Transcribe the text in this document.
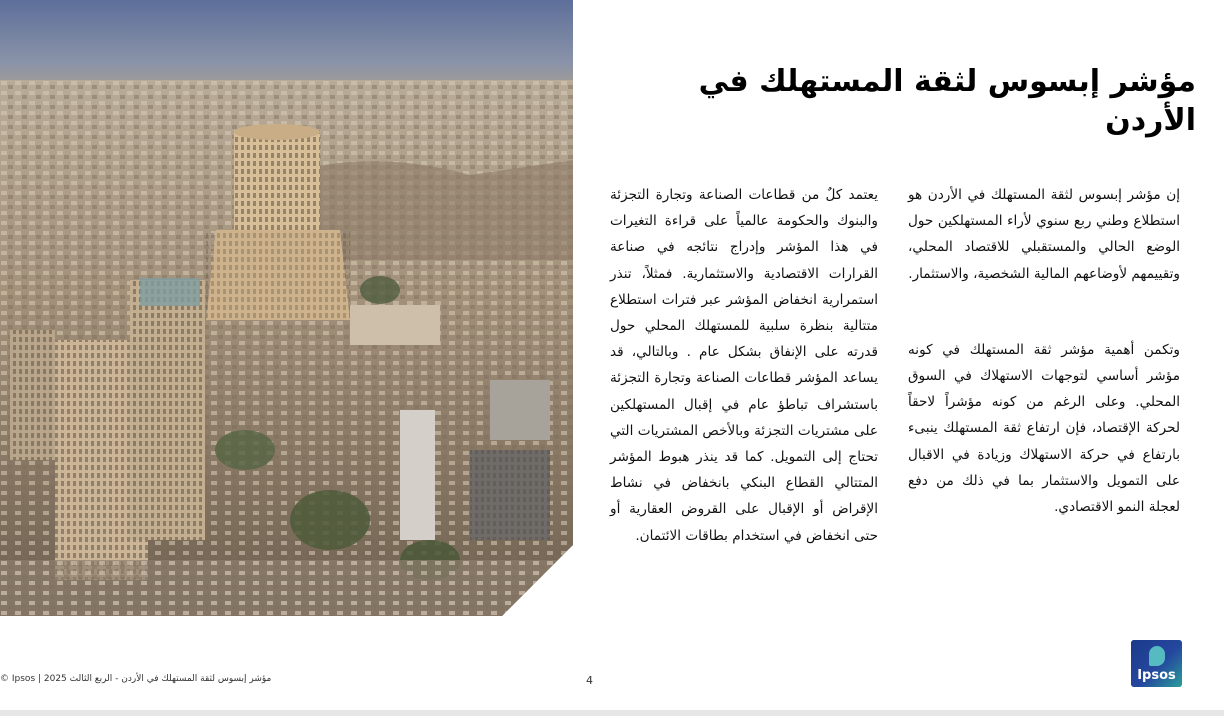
مؤشر إبسوس لثقة المستهلك في الأردن

إن مؤشر إبسوس لثقة المستهلك في الأردن هو استطلاع وطني ربع سنوي لأراء المستهلكين حول الوضع الحالي والمستقبلي للاقتصاد المحلي، وتقييمهم لأوضاعهم المالية الشخصية، والاستثمار.

وتكمن أهمية مؤشر ثقة المستهلك في كونه مؤشر أساسي لتوجهات الاستهلاك في السوق المحلي. وعلى الرغم من كونه مؤشراً لاحقاً لحركة الإقتصاد، فإن ارتفاع ثقة المستهلك ينبىء بارتفاع في حركة الاستهلاك وزيادة في الاقبال على التمويل والاستثمار بما في ذلك من دفع لعجلة النمو الاقتصادي.

يعتمد كلٌ من قطاعات الصناعة وتجارة التجزئة والبنوك والحكومة عالمياً على قراءة التغيرات في هذا المؤشر وإدراج نتائجه في صناعة القرارات الاقتصادية والاستثمارية. فمثلاً، تنذر استمرارية انخفاض المؤشر عبر فترات استطلاع متتالية بنظرة سلبية للمستهلك المحلي حول قدرته على الإنفاق بشكل عام . وبالتالي، قد يساعد المؤشر قطاعات الصناعة وتجارة التجزئة باستشراف تباطؤ عام في إقبال المستهلكين على مشتريات التجزئة وبالأخص المشتريات التي تحتاج إلى التمويل. كما قد ينذر هبوط المؤشر المتتالي القطاع البنكي بانخفاض في نشاط الإقراض أو الإقبال على القروض العقارية أو حتى انخفاض في استخدام بطاقات الائتمان.

مؤشر إبسوس لثقة المستهلك في الأردن - الربع الثالث Ipsos | 2025 ©	4	Ipsos
